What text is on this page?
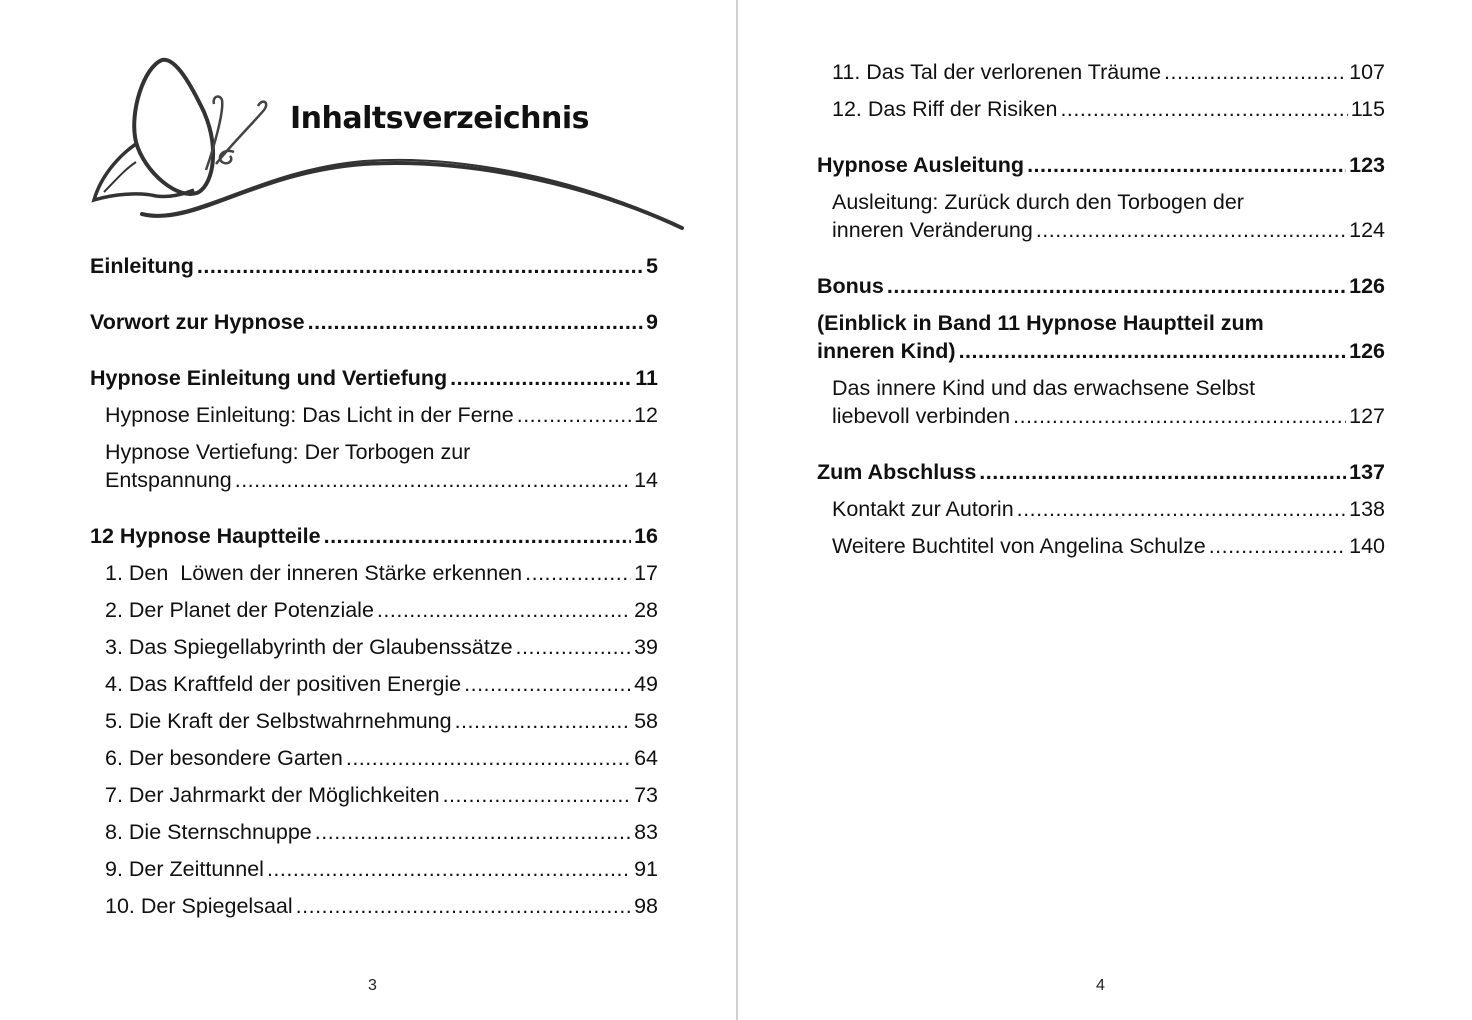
Inhaltsverzeichnis
Einleitung .....	5
Vorwort zur Hypnose .....	9
Hypnose Einleitung und Vertiefung .....	11
Hypnose Einleitung: Das Licht in der Ferne .....	12
Hypnose Vertiefung: Der Torbogen zur
Entspannung .....	14
12 Hypnose Hauptteile .....	16
1. Den  Löwen der inneren Stärke erkennen .....	17
2. Der Planet der Potenziale .....	28
3. Das Spiegellabyrinth der Glaubenssätze .....	39
4. Das Kraftfeld der positiven Energie .....	49
5. Die Kraft der Selbstwahrnehmung .....	58
6. Der besondere Garten .....	64
7. Der Jahrmarkt der Möglichkeiten .....	73
8. Die Sternschnuppe .....	83
9. Der Zeittunnel .....	91
10. Der Spiegelsaal .....	98
3
11. Das Tal der verlorenen Träume .....	107
12. Das Riff der Risiken .....	115
Hypnose Ausleitung .....	123
Ausleitung: Zurück durch den Torbogen der
inneren Veränderung .....	124
Bonus .....	126
(Einblick in Band 11 Hypnose Hauptteil zum
inneren Kind) .....	126
Das innere Kind und das erwachsene Selbst
liebevoll verbinden .....	127
Zum Abschluss .....	137
Kontakt zur Autorin .....	138
Weitere Buchtitel von Angelina Schulze .....	140
4
